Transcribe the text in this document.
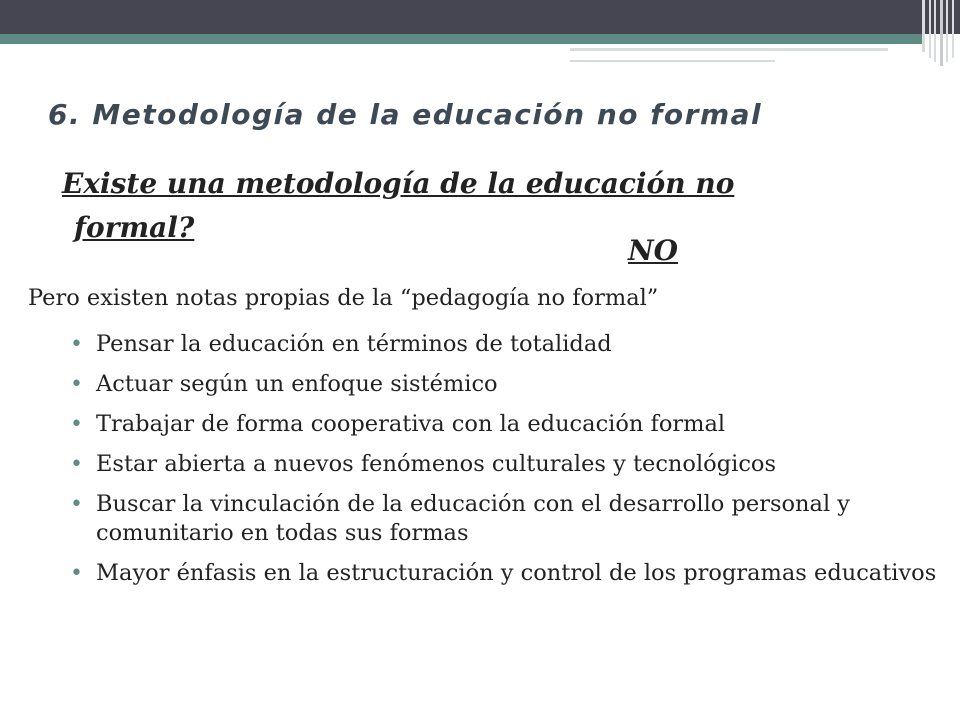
6. Metodología de la educación no formal

Existe una metodología de la educación no
formal?

NO

Pero existen notas propias de la “pedagogía no formal”

• Pensar la educación en términos de totalidad
• Actuar según un enfoque sistémico
• Trabajar de forma cooperativa con la educación formal
• Estar abierta a nuevos fenómenos culturales y tecnológicos
• Buscar la vinculación de la educación con el desarrollo personal y comunitario en todas sus formas
• Mayor énfasis en la estructuración y control de los programas educativos
